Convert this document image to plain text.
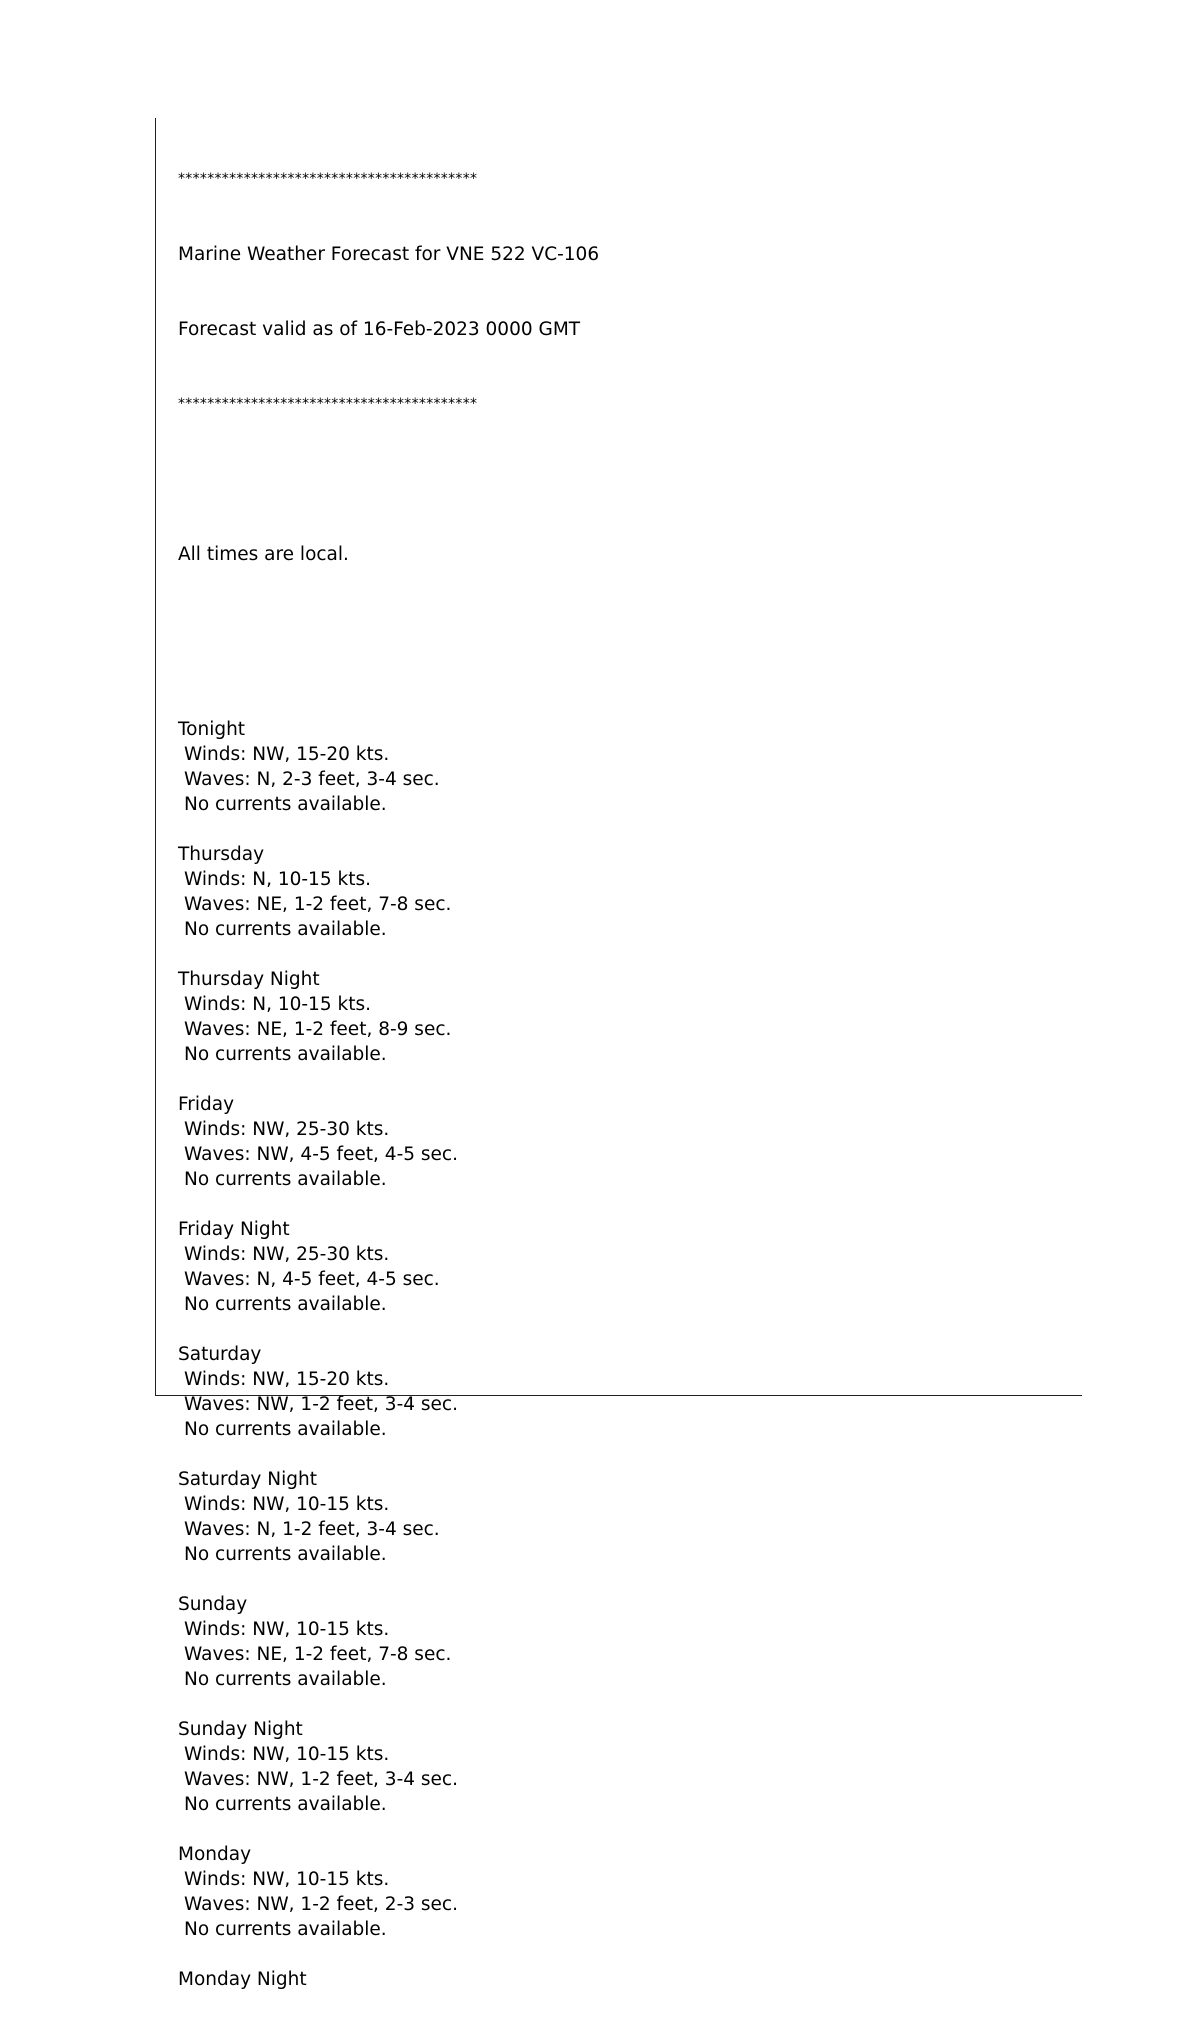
*****************************************

Marine Weather Forecast for VNE 522 VC-106

Forecast valid as of 16-Feb-2023 0000 GMT

*****************************************

All times are local.

Tonight
Winds: NW, 15-20 kts.
Waves: N, 2-3 feet, 3-4 sec.
No currents available.
Thursday
Winds: N, 10-15 kts.
Waves: NE, 1-2 feet, 7-8 sec.
No currents available.
Thursday Night
Winds: N, 10-15 kts.
Waves: NE, 1-2 feet, 8-9 sec.
No currents available.
Friday
Winds: NW, 25-30 kts.
Waves: NW, 4-5 feet, 4-5 sec.
No currents available.
Friday Night
Winds: NW, 25-30 kts.
Waves: N, 4-5 feet, 4-5 sec.
No currents available.
Saturday
Winds: NW, 15-20 kts.
Waves: NW, 1-2 feet, 3-4 sec.
No currents available.
Saturday Night
Winds: NW, 10-15 kts.
Waves: N, 1-2 feet, 3-4 sec.
No currents available.
Sunday
Winds: NW, 10-15 kts.
Waves: NE, 1-2 feet, 7-8 sec.
No currents available.
Sunday Night
Winds: NW, 10-15 kts.
Waves: NW, 1-2 feet, 3-4 sec.
No currents available.
Monday
Winds: NW, 10-15 kts.
Waves: NW, 1-2 feet, 2-3 sec.
No currents available.
Monday Night
